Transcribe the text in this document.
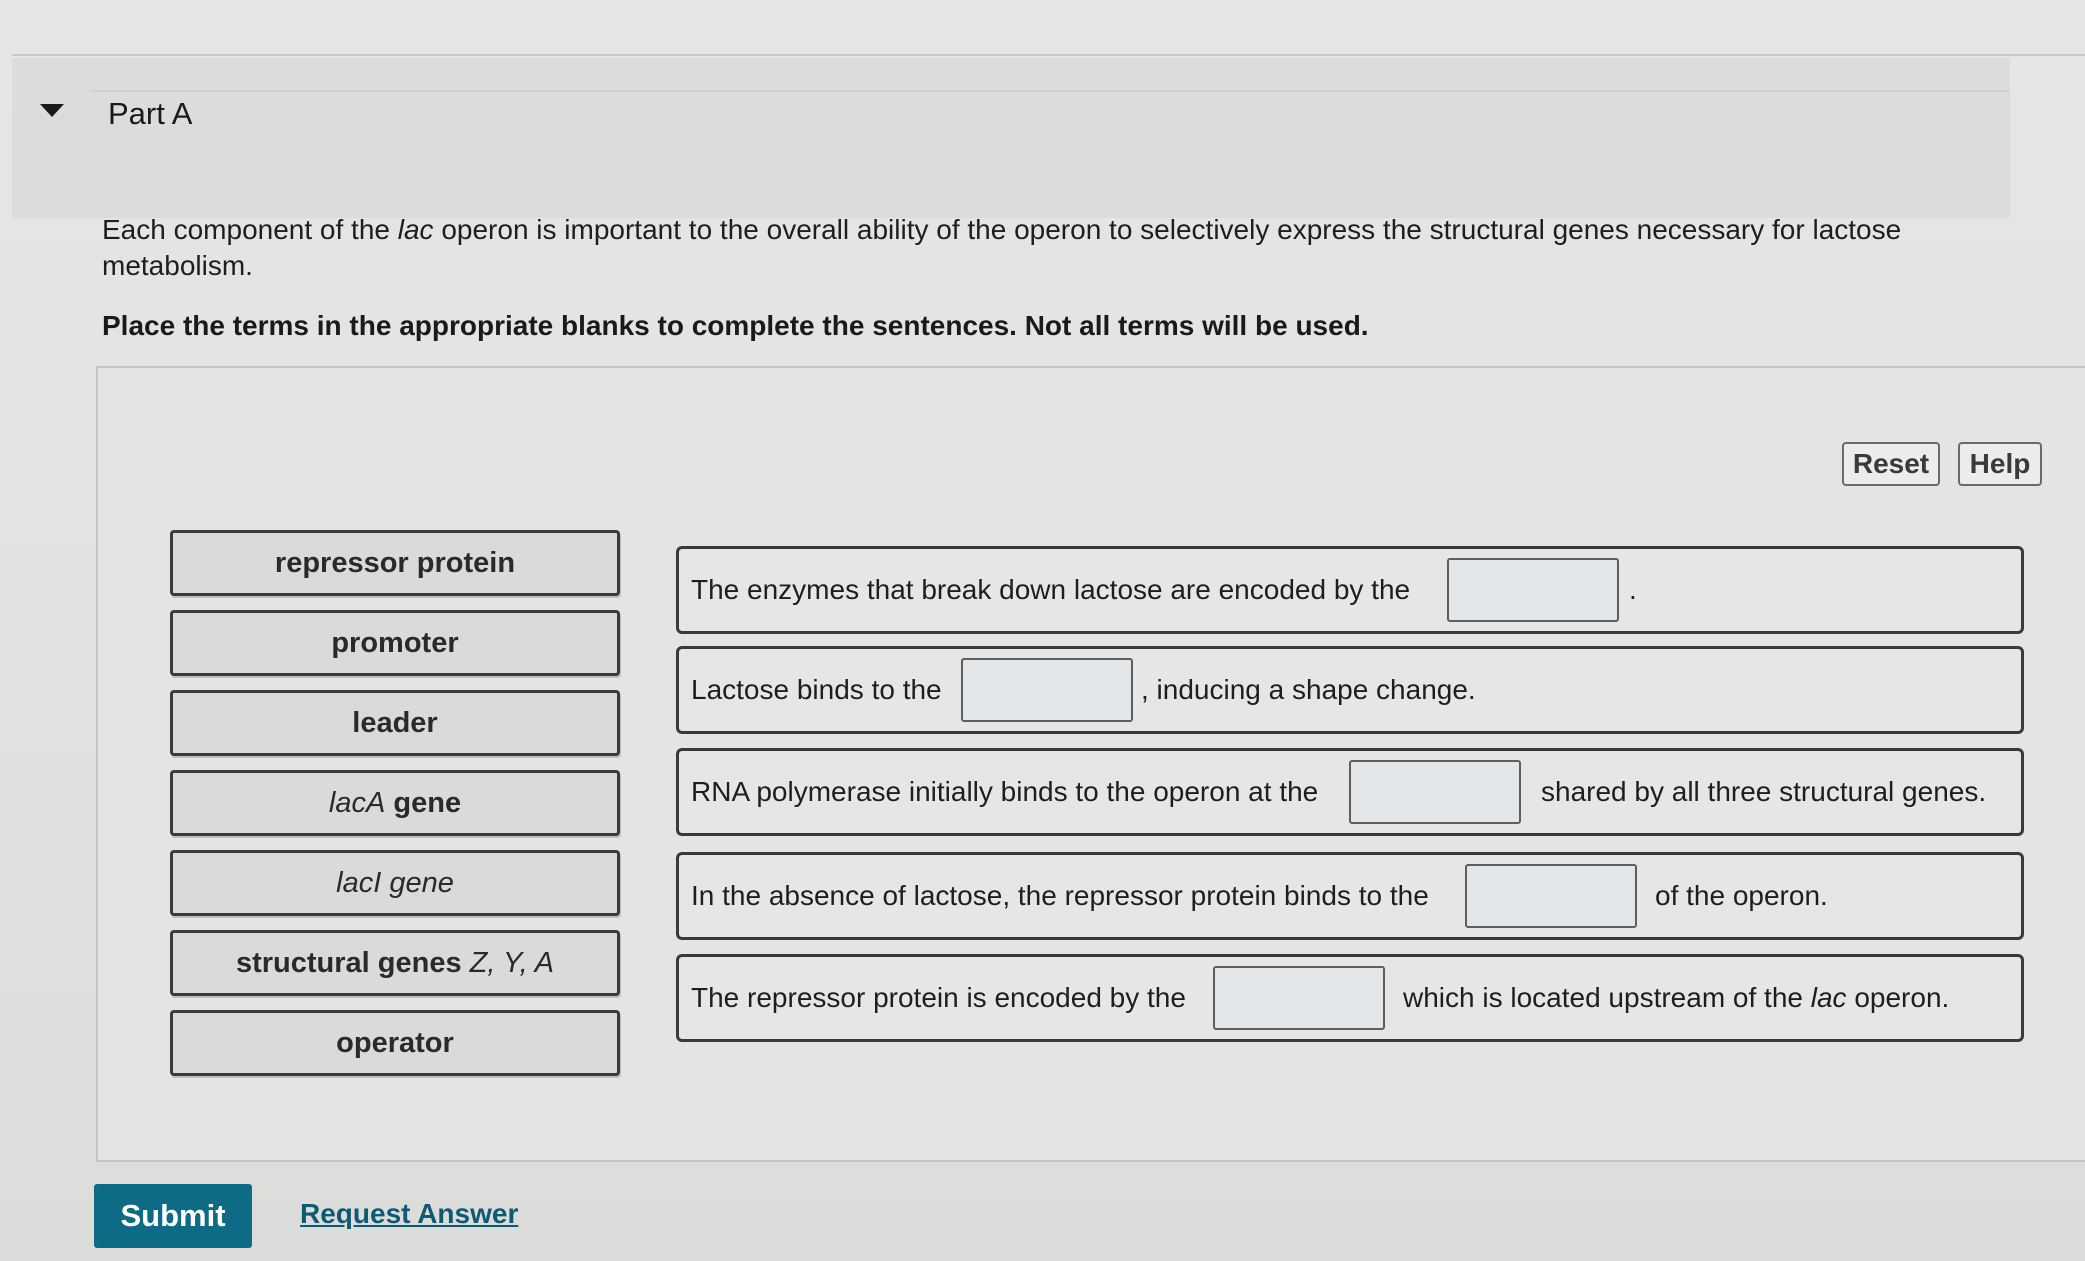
Part A
Each component of the lac operon is important to the overall ability of the operon to selectively express the structural genes necessary for lactose metabolism.
Place the terms in the appropriate blanks to complete the sentences. Not all terms will be used.
Reset	Help
repressor protein
promoter
leader
lacA gene
lacI gene
structural genes Z, Y, A
operator
The enzymes that break down lactose are encoded by the	.
Lactose binds to the	, inducing a shape change.
RNA polymerase initially binds to the operon at the	shared by all three structural genes.
In the absence of lactose, the repressor protein binds to the	of the operon.
The repressor protein is encoded by the	which is located upstream of the lac operon.
Submit	Request Answer
